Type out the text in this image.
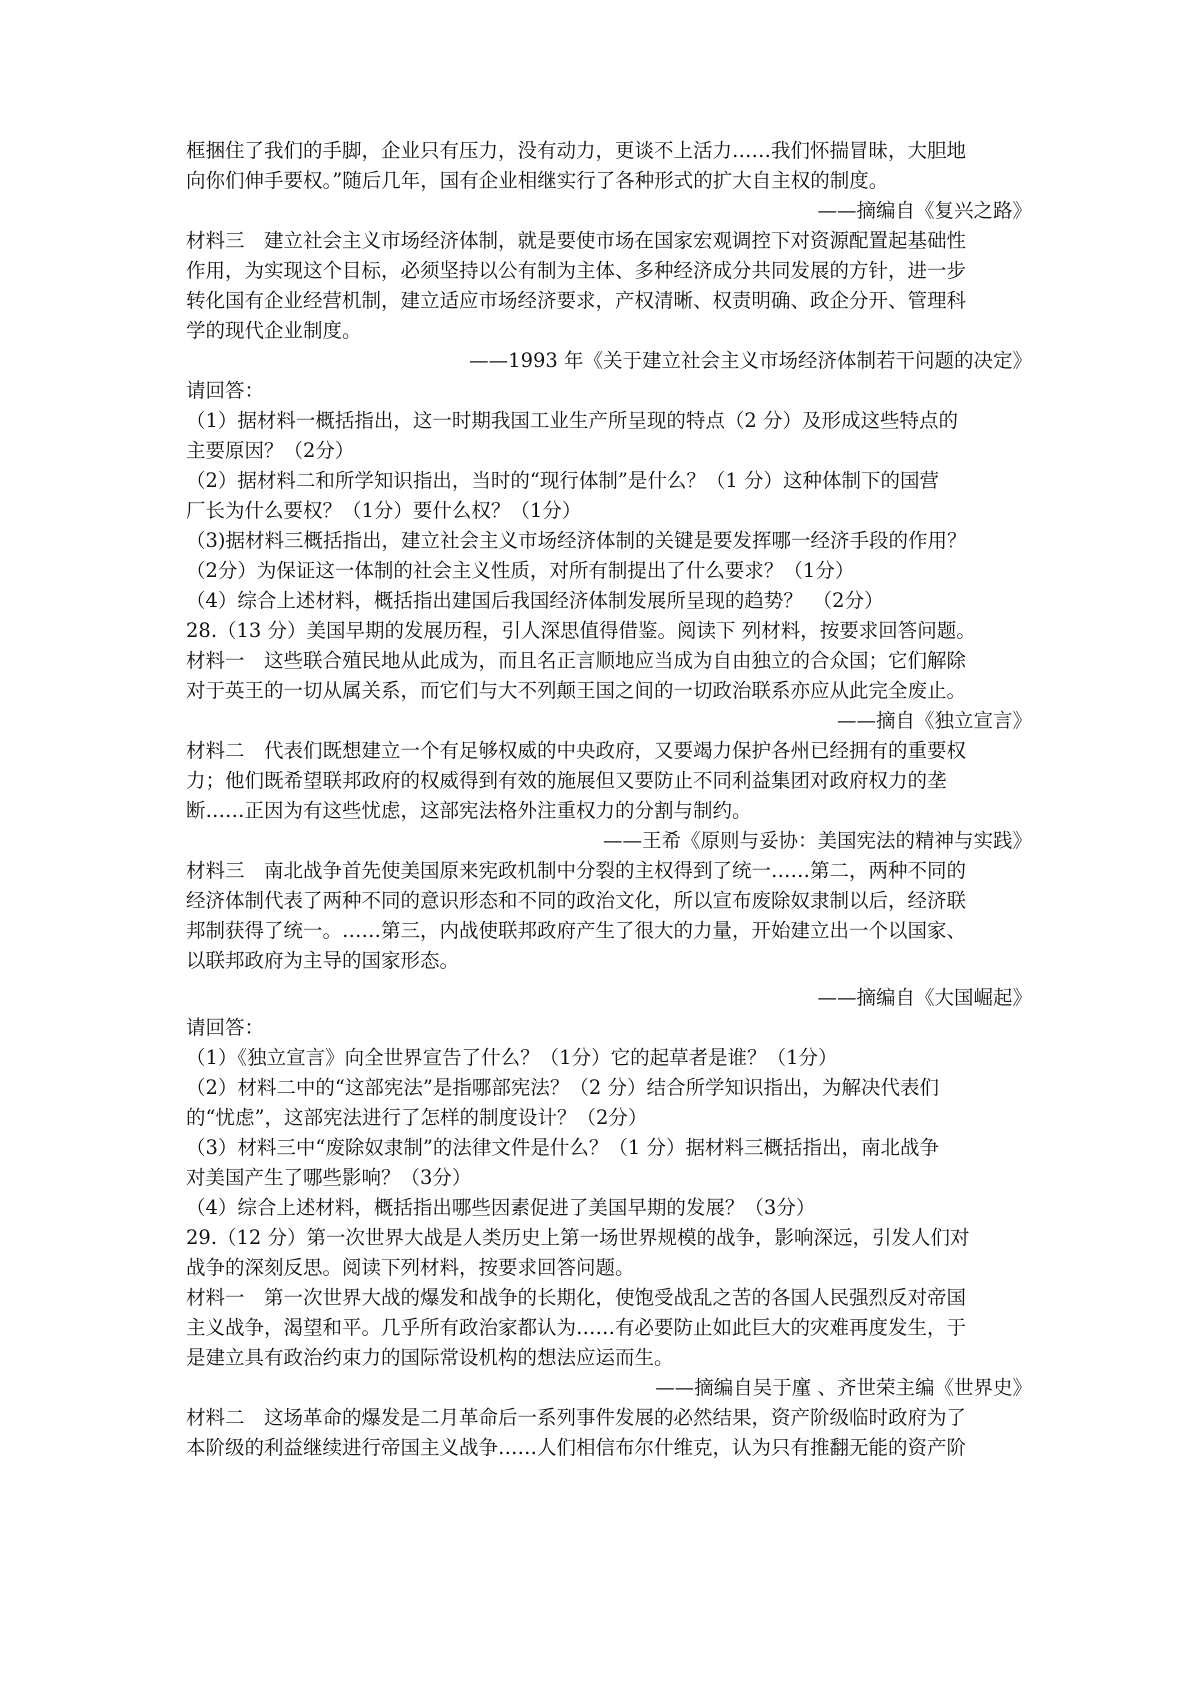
框捆住了我们的手脚，企业只有压力，没有动力，更谈不上活力……我们怀揣冒昧，大胆地
向你们伸手要权。”随后几年，国有企业相继实行了各种形式的扩大自主权的制度。
——摘编自《复兴之路》
材料三　建立社会主义市场经济体制，就是要使市场在国家宏观调控下对资源配置起基础性
作用，为实现这个目标，必须坚持以公有制为主体、多种经济成分共同发展的方针，进一步
转化国有企业经营机制，建立适应市场经济要求，产权清晰、权责明确、政企分开、管理科
学的现代企业制度。
——1993 年《关于建立社会主义市场经济体制若干问题的决定》
请回答：
（1）据材料一概括指出，这一时期我国工业生产所呈现的特点（2 分）及形成这些特点的
主要原因？（2分）
（2）据材料二和所学知识指出，当时的“现行体制”是什么？（1 分）这种体制下的国营
厂长为什么要权？（1分）要什么权？（1分）
（3)据材料三概括指出，建立社会主义市场经济体制的关键是要发挥哪一经济手段的作用？
（2分）为保证这一体制的社会主义性质，对所有制提出了什么要求？（1分）
（4）综合上述材料，概括指出建国后我国经济体制发展所呈现的趋势？　（2分）
28.（13 分）美国早期的发展历程，引人深思值得借鉴。阅读下 列材料，按要求回答问题。
材料一　这些联合殖民地从此成为，而且名正言顺地应当成为自由独立的合众国；它们解除
对于英王的一切从属关系，而它们与大不列颠王国之间的一切政治联系亦应从此完全废止。
——摘自《独立宣言》
材料二　代表们既想建立一个有足够权威的中央政府，又要竭力保护各州已经拥有的重要权
力；他们既希望联邦政府的权威得到有效的施展但又要防止不同利益集团对政府权力的垄
断……正因为有这些忧虑，这部宪法格外注重权力的分割与制约。
——王希《原则与妥协：美国宪法的精神与实践》
材料三　南北战争首先使美国原来宪政机制中分裂的主权得到了统一……第二，两种不同的
经济体制代表了两种不同的意识形态和不同的政治文化，所以宣布废除奴隶制以后，经济联
邦制获得了统一。……第三，内战使联邦政府产生了很大的力量，开始建立出一个以国家、
以联邦政府为主导的国家形态。
——摘编自《大国崛起》
请回答：
（1）《独立宣言》向全世界宣告了什么？（1分）它的起草者是谁？（1分）
（2）材料二中的“这部宪法”是指哪部宪法？（2 分）结合所学知识指出，为解决代表们
的“忧虑”，这部宪法进行了怎样的制度设计？（2分）
（3）材料三中“废除奴隶制”的法律文件是什么？（1 分）据材料三概括指出，南北战争
对美国产生了哪些影响？（3分）
（4）综合上述材料，概括指出哪些因素促进了美国早期的发展？（3分）
29.（12 分）第一次世界大战是人类历史上第一场世界规模的战争，影响深远，引发人们对
战争的深刻反思。阅读下列材料，按要求回答问题。
材料一　第一次世界大战的爆发和战争的长期化，使饱受战乱之苦的各国人民强烈反对帝国
主义战争，渴望和平。几乎所有政治家都认为……有必要防止如此巨大的灾难再度发生，于
是建立具有政治约束力的国际常设机构的想法应运而生。
——摘编自吴于廑 、齐世荣主编《世界史》
材料二　这场革命的爆发是二月革命后一系列事件发展的必然结果，资产阶级临时政府为了
本阶级的利益继续进行帝国主义战争……人们相信布尔什维克，认为只有推翻无能的资产阶
